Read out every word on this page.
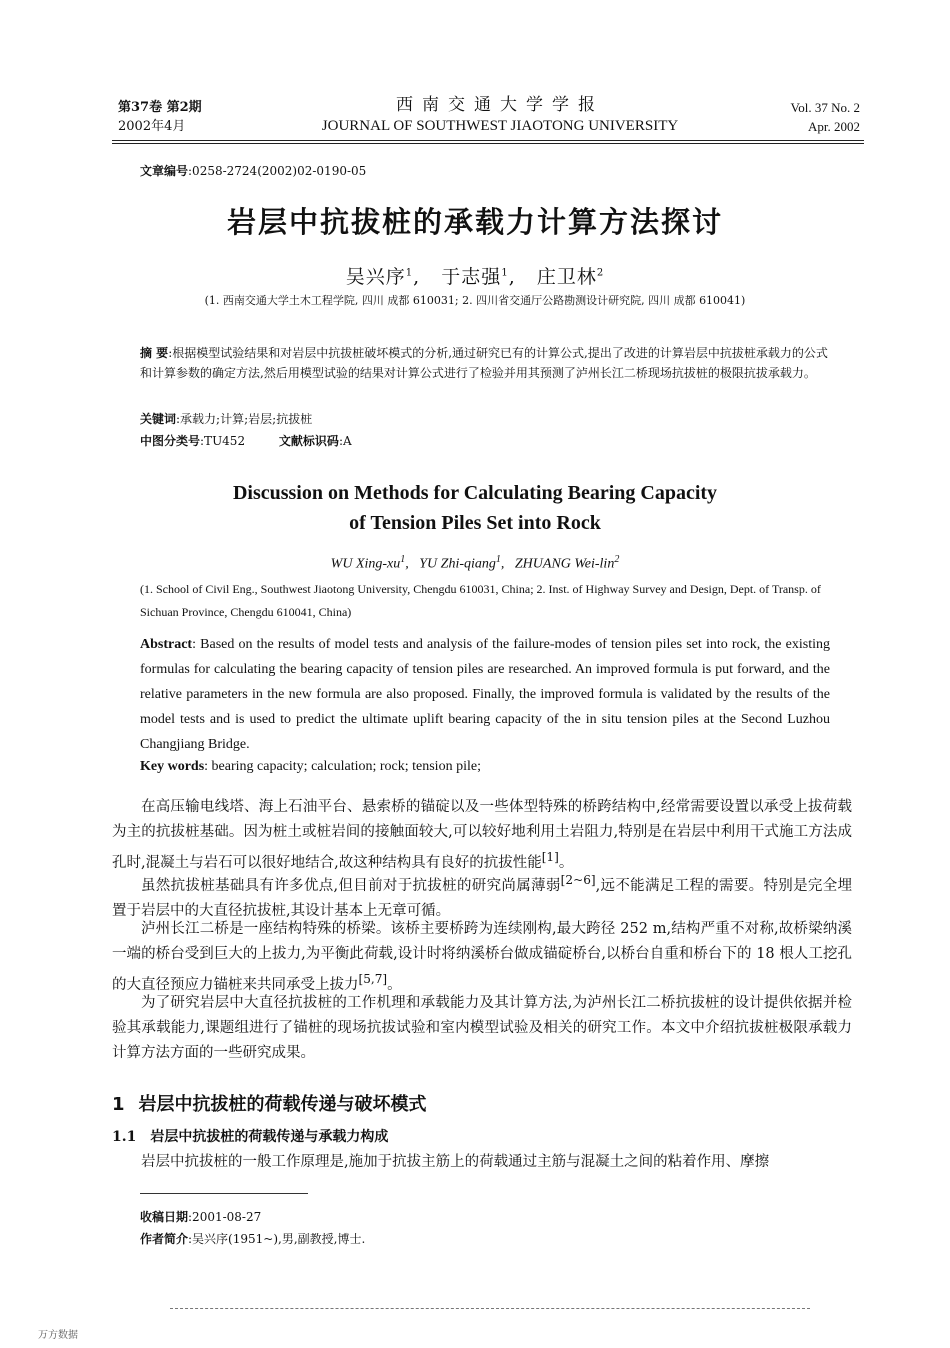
第37卷 第2期
2002年4月
西南交通大学学报
JOURNAL OF SOUTHWEST JIAOTONG UNIVERSITY
Vol. 37 No. 2
Apr. 2002
文章编号:0258-2724(2002)02-0190-05
岩层中抗拔桩的承载力计算方法探讨
吴兴序$^1$,   于志强$^1$,   庄卫林$^2$
(1. 西南交通大学土木工程学院, 四川 成都 610031; 2. 四川省交通厅公路勘测设计研究院, 四川 成都 610041)
摘 要:根据模型试验结果和对岩层中抗拔桩破坏模式的分析,通过研究已有的计算公式,提出了改进的计算岩层中抗拔桩承载力的公式和计算参数的确定方法,然后用模型试验的结果对计算公式进行了检验并用其预测了泸州长江二桥现场抗拔桩的极限抗拔承载力。
关键词:承载力;计算;岩层;抗拔桩
中图分类号:TU452	文献标识码:A
Discussion on Methods for Calculating Bearing Capacity
of Tension Piles Set into Rock
WU Xing-$xu^1$,   YU Zhi-qiang$^1$,   ZHUANG Wei-lin$^2$
(1. School of Civil Eng., Southwest Jiaotong University, Chengdu 610031, China; 2. Inst. of Highway Survey and Design, Dept. of Transp. of Sichuan Province, Chengdu 610041, China)
Abstract: Based on the results of model tests and analysis of the failure-modes of tension piles set into rock, the existing formulas for calculating the bearing capacity of tension piles are researched. An improved formula is put forward, and the relative parameters in the new formula are also proposed. Finally, the improved formula is validated by the results of the model tests and is used to predict the ultimate uplift bearing capacity of the in situ tension piles at the Second Luzhou Changjiang Bridge.
Key words: bearing capacity; calculation; rock; tension pile;
在高压输电线塔、海上石油平台、悬索桥的锚碇以及一些体型特殊的桥跨结构中,经常需要设置以承受上拔荷载为主的抗拔桩基础。因为桩土或桩岩间的接触面较大,可以较好地利用土岩阻力,特别是在岩层中利用干式施工方法成孔时,混凝土与岩石可以很好地结合,故这种结构具有良好的抗拔性能[1]。
虽然抗拔桩基础具有许多优点,但目前对于抗拔桩的研究尚属薄弱[2~6],远不能满足工程的需要。特别是完全埋置于岩层中的大直径抗拔桩,其设计基本上无章可循。
泸州长江二桥是一座结构特殊的桥梁。该桥主要桥跨为连续刚构,最大跨径 252 m,结构严重不对称,故桥梁纳溪一端的桥台受到巨大的上拔力,为平衡此荷载,设计时将纳溪桥台做成锚碇桥台,以桥台自重和桥台下的 18 根人工挖孔的大直径预应力锚桩来共同承受上拔力[5,7]。
为了研究岩层中大直径抗拔桩的工作机理和承载能力及其计算方法,为泸州长江二桥抗拔桩的设计提供依据并检验其承载能力,课题组进行了锚桩的现场抗拔试验和室内模型试验及相关的研究工作。本文中介绍抗拔桩极限承载力计算方法方面的一些研究成果。
1 岩层中抗拔桩的荷载传递与破坏模式
1.1 岩层中抗拔桩的荷载传递与承载力构成
岩层中抗拔桩的一般工作原理是,施加于抗拔主筋上的荷载通过主筋与混凝土之间的粘着作用、摩擦
收稿日期:2001-08-27
作者简介:吴兴序(1951~),男,副教授,博士.
万方数据
